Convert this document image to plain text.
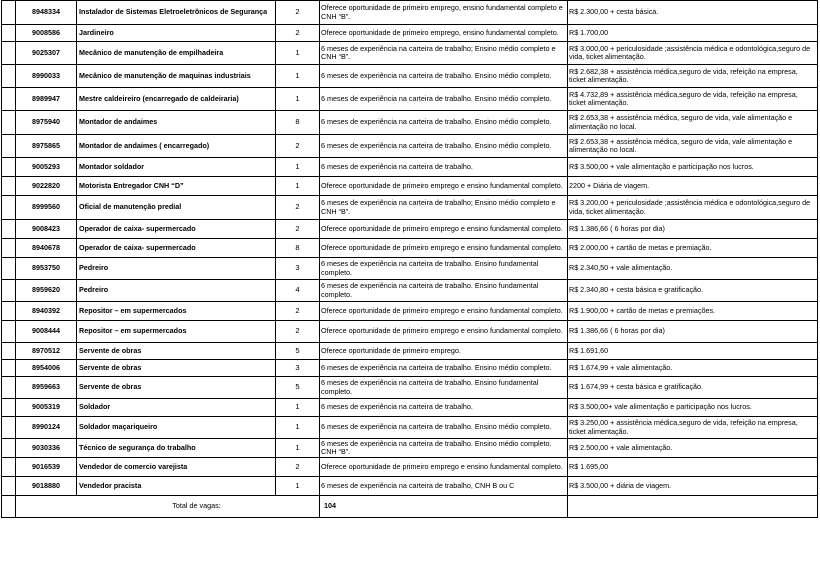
	8948334	Instalador de Sistemas Eletroeletrônicos de Segurança	2	Oferece oportunidade de primeiro emprego, ensino fundamental completo e CNH “B”.	R$ 2.300,00 + cesta básica.
	9008586	Jardineiro	2	Oferece oportunidade de primeiro emprego, ensino fundamental completo.	R$ 1.700,00
	9025307	Mecânico de manutenção de empilhadeira	1	6 meses de experiência na carteira de trabalho; Ensino médio completo e CNH “B”.	R$ 3.000,00 + periculosidade ;assistência médica e odontológica,seguro de vida, ticket alimentação.
	8990033	Mecânico de manutenção de maquinas industriais	1	6 meses de experiência na carteira de trabalho. Ensino médio completo.	R$ 2.682,38 + assistência médica,seguro de vida, refeição na empresa, ticket alimentação.
	8989947	Mestre caldeireiro (encarregado de caldeiraria)	1	6 meses de experiência na carteira de trabalho. Ensino médio completo.	R$ 4.732,89 + assistência médica,seguro de vida, refeição na empresa, ticket alimentação.
	8975940	Montador de andaimes	8	6 meses de experiência na carteira de trabalho. Ensino médio completo.	R$ 2.653,38 + assistência médica, seguro de vida, vale alimentação e alimentação no local.
	8975865	Montador de andaimes ( encarregado)	2	6 meses de experiência na carteira de trabalho. Ensino médio completo.	R$ 2.653,38 + assistência médica, seguro de vida, vale alimentação e alimentação no local.
	9005293	Montador soldador	1	6 meses de experiência na carteira de trabalho.	R$ 3.500,00 + vale alimentação e participação nos lucros.
	9022820	Motorista Entregador CNH “D”	1	Oferece oportunidade de primeiro emprego e ensino fundamental completo.	2200 + Diária de viagem.
	8999560	Oficial de manutenção predial	2	6 meses de experiência na carteira de trabalho; Ensino médio completo e CNH “B”.	R$ 3.200,00 + periculosidade ;assistência médica e odontológica,seguro de vida, ticket alimentação.
	9008423	Operador de caixa- supermercado	2	Oferece oportunidade de primeiro emprego e ensino fundamental completo.	R$ 1.386,66 ( 6 horas por dia)
	8940678	Operador de caixa- supermercado	8	Oferece oportunidade de primeiro emprego e ensino fundamental completo.	R$ 2.000,00 + cartão de metas e premiação.
	8953750	Pedreiro	3	6 meses de experiência na carteira de trabalho. Ensino fundamental completo.	R$ 2.340,50 + vale alimentação.
	8959620	Pedreiro	4	6 meses de experiência na carteira de trabalho. Ensino fundamental completo.	R$ 2.340,80 + cesta básica e gratificação.
	8940392	Repositor – em supermercados	2	Oferece oportunidade de primeiro emprego e ensino fundamental completo.	R$ 1.900,00 + cartão de metas e premiações.
	9008444	Repositor – em supermercados	2	Oferece oportunidade de primeiro emprego e ensino fundamental completo.	R$ 1.386,66 ( 6 horas por dia)
	8970512	Servente de obras	5	Oferece oportunidade de primeiro emprego.	R$ 1.691,60
	8954006	Servente de obras	3	6 meses de experiência na carteira de trabalho. Ensino médio completo.	R$ 1.674,99 + vale alimentação.
	8959663	Servente de obras	5	6 meses de experiência na carteira de trabalho. Ensino fundamental completo.	R$ 1.674,99 + cesta básica e gratificação.
	9005319	Soldador	1	6 meses de experiência na carteira de trabalho.	R$ 3.500,00+ vale alimentação e participação nos lucros.
	8990124	Soldador maçariqueiro	1	6 meses de experiência na carteira de trabalho. Ensino médio completo.	R$ 3.250,00 + assistência médica,seguro de vida, refeição na empresa, ticket alimentação.
	9030336	Técnico de segurança do trabalho	1	6 meses de experiência na carteira de trabalho. Ensino médio completo. CNH “B”.	R$ 2.500,00 + vale alimentação.
	9016539	Vendedor de comercio varejista	2	Oferece oportunidade de primeiro emprego e ensino fundamental completo.	R$ 1.695,00
	9018880	Vendedor pracista	1	6 meses de experiência na carteira de trabalho, CNH B ou C	R$ 3.500,00 + diária de viagem.
	Total de vagas:			104	
